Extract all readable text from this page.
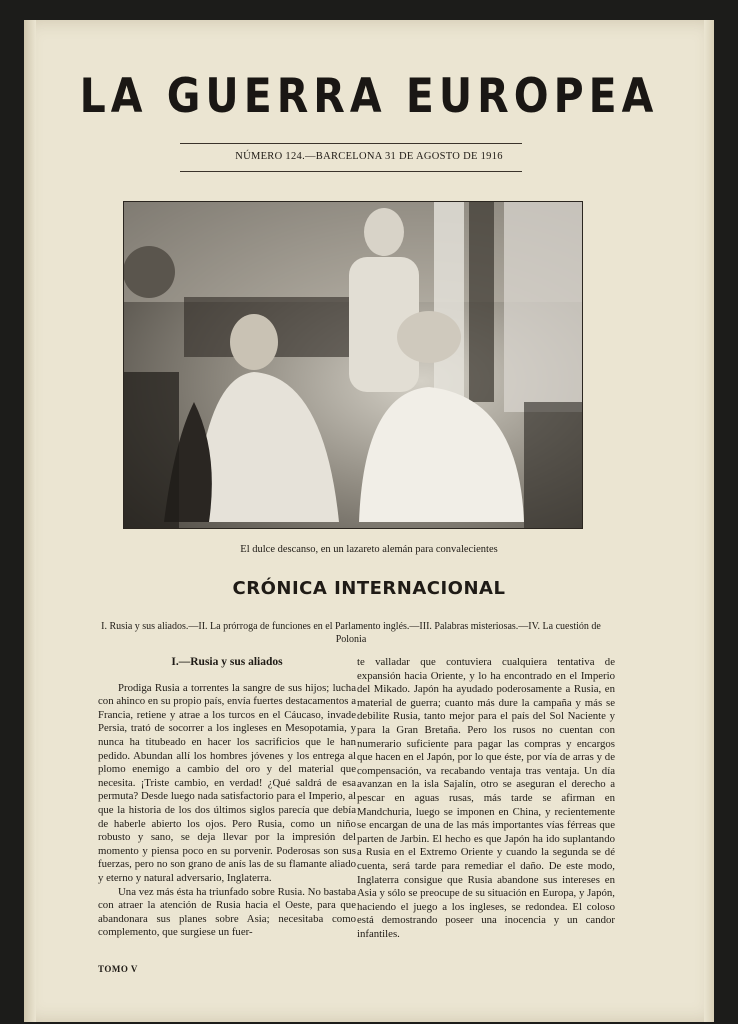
LA GUERRA EUROPEA
NÚMERO 124.—BARCELONA 31 DE AGOSTO DE 1916
El dulce descanso, en un lazareto alemán para convalecientes
CRÓNICA INTERNACIONAL
I. Rusia y sus aliados.—II. La prórroga de funciones en el Parlamento inglés.—III. Palabras misteriosas.—IV. La cuestión de Polonia
I.—Rusia y sus aliados

Prodiga Rusia a torrentes la sangre de sus hijos; lucha con ahinco en su propio país, envía fuertes destacamentos a Francia, retiene y atrae a los turcos en el Cáucaso, invade Persia, trató de socorrer a los ingleses en Mesopotamia, y nunca ha titubeado en hacer los sacrificios que le han pedido. Abundan allí los hombres jóvenes y los entrega al plomo enemigo a cambio del oro y del material que necesita. ¡Triste cambio, en verdad! ¿Qué saldrá de esa permuta? Desde luego nada satisfactorio para el Imperio, al que la historia de los dos últimos siglos parecía que debía de haberle abierto los ojos. Pero Rusia, como un niño robusto y sano, se deja llevar por la impresión del momento y piensa poco en su porvenir. Poderosas son sus fuerzas, pero no son grano de anís las de su flamante aliado y eterno y natural adversario, Inglaterra.

Una vez más ésta ha triunfado sobre Rusia. No bastaba con atraer la atención de Rusia hacia el Oeste, para que abandonara sus planes sobre Asia; necesitaba como complemento, que surgiese un fuer-

te valladar que contuviera cualquiera tentativa de expansión hacia Oriente, y lo ha encontrado en el Imperio del Mikado. Japón ha ayudado poderosamente a Rusia, en material de guerra; cuanto más dure la campaña y más se debilite Rusia, tanto mejor para el país del Sol Naciente y para la Gran Bretaña. Pero los rusos no cuentan con numerario suficiente para pagar las compras y encargos que hacen en el Japón, por lo que éste, por vía de arras y de compensación, va recabando ventaja tras ventaja. Un día avanzan en la isla Sajalín, otro se aseguran el derecho a pescar en aguas rusas, más tarde se afirman en Mandchuria, luego se imponen en China, y recientemente se encargan de una de las más importantes vías férreas que parten de Jarbin. El hecho es que Japón ha ido suplantando a Rusia en el Extremo Oriente y cuando la segunda se dé cuenta, será tarde para remediar el daño. De este modo, Inglaterra consigue que Rusia abandone sus intereses en Asia y sólo se preocupe de su situación en Europa, y Japón, haciendo el juego a los ingleses, se redondea. El coloso está demostrando poseer una inocencia y un candor infantiles.

TOMO V
